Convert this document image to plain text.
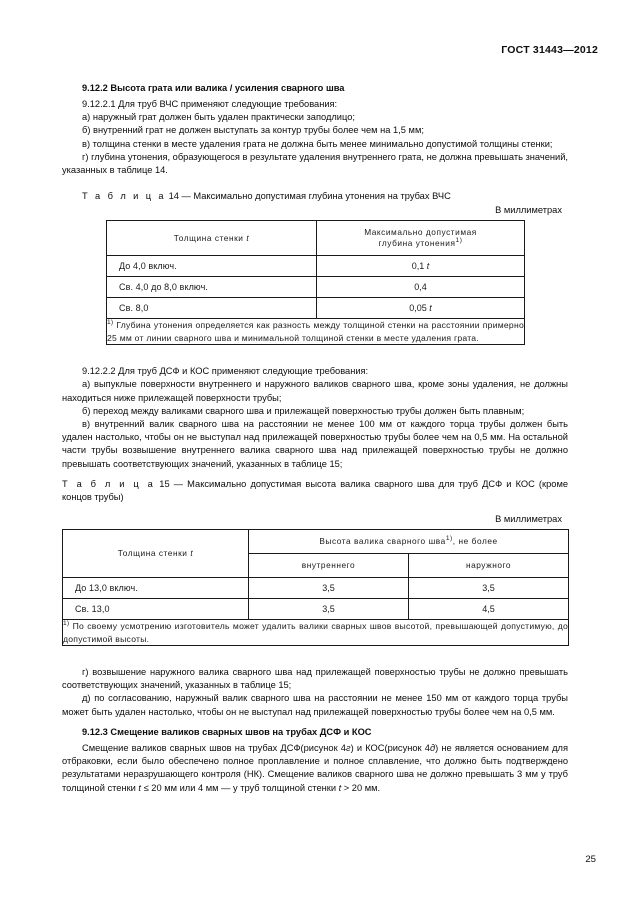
ГОСТ 31443—2012
9.12.2 Высота грата или валика / усиления сварного шва

9.12.2.1 Для труб ВЧС применяют следующие требования:

а) наружный грат должен быть удален практически заподлицо;

б) внутренний грат не должен выступать за контур трубы более чем на 1,5 мм;

в) толщина стенки в месте удаления грата не должна быть менее минимально допустимой толщины стенки;

г) глубина утонения, образующегося в результате удаления внутреннего грата, не должна превышать значений, указанных в таблице 14.

Т а б л и ц а 14 — Максимально допустимая глубина утонения на трубах ВЧС

В миллиметрах
Толщина стенки t	Максимально допустимая
глубина утонения$^{1)}$
До 4,0 включ.	0,1 t
Св. 4,0 до 8,0 включ.	0,4
Св. 8,0	0,05 t
$^{1)}$ Глубина утонения определяется как разность между толщиной стенки на расстоянии примерно 25 мм от линии сварного шва и минимальной толщиной стенки в месте удаления грата.	

9.12.2.2 Для труб ДСФ и КОС применяют следующие требования:

а) выпуклые поверхности внутреннего и наружного валиков сварного шва, кроме зоны удаления, не должны находиться ниже прилежащей поверхности трубы;

б) переход между валиками сварного шва и прилежащей поверхностью трубы должен быть плавным;

в) внутренний валик сварного шва на расстоянии не менее 100 мм от каждого торца трубы должен быть удален настолько, чтобы он не выступал над прилежащей поверхностью трубы более чем на 0,5 мм. На остальной части трубы возвышение внутреннего валика сварного шва над прилежащей поверхностью трубы не должно превышать соответствующих значений, указанных в таблице 15;

Т а б л и ц а 15 — Максимально допустимая высота валика сварного шва для труб ДСФ и КОС (кроме концов трубы)

В миллиметрах
Толщина стенки t	Высота валика сварного шва$^{1)}$, не более	
	внутреннего	наружного
До 13,0 включ.	3,5	3,5
Св. 13,0	3,5	4,5
$^{1)}$ По своему усмотрению изготовитель может удалить валики сварных швов высотой, превышающей допустимую, до допустимой высоты.		

г) возвышение наружного валика сварного шва над прилежащей поверхностью трубы не должно превышать соответствующих значений, указанных в таблице 15;

д) по согласованию, наружный валик сварного шва на расстоянии не менее 150 мм от каждого торца трубы может быть удален настолько, чтобы он не выступал над прилежащей поверхностью трубы более чем на 0,5 мм.

9.12.3 Смещение валиков сварных швов на трубах ДСФ и КОС

Смещение валиков сварных швов на трубах ДСФ(рисунок 4г) и КОС(рисунок 4д) не является основанием для отбраковки, если было обеспечено полное проплавление и полное сплавление, что должно быть подтверждено результатами неразрушающего контроля (НК). Смещение валиков сварного шва не должно превышать 3 мм у труб толщиной стенки t ≤ 20 мм или 4 мм — у труб толщиной стенки t > 20 мм.

25
